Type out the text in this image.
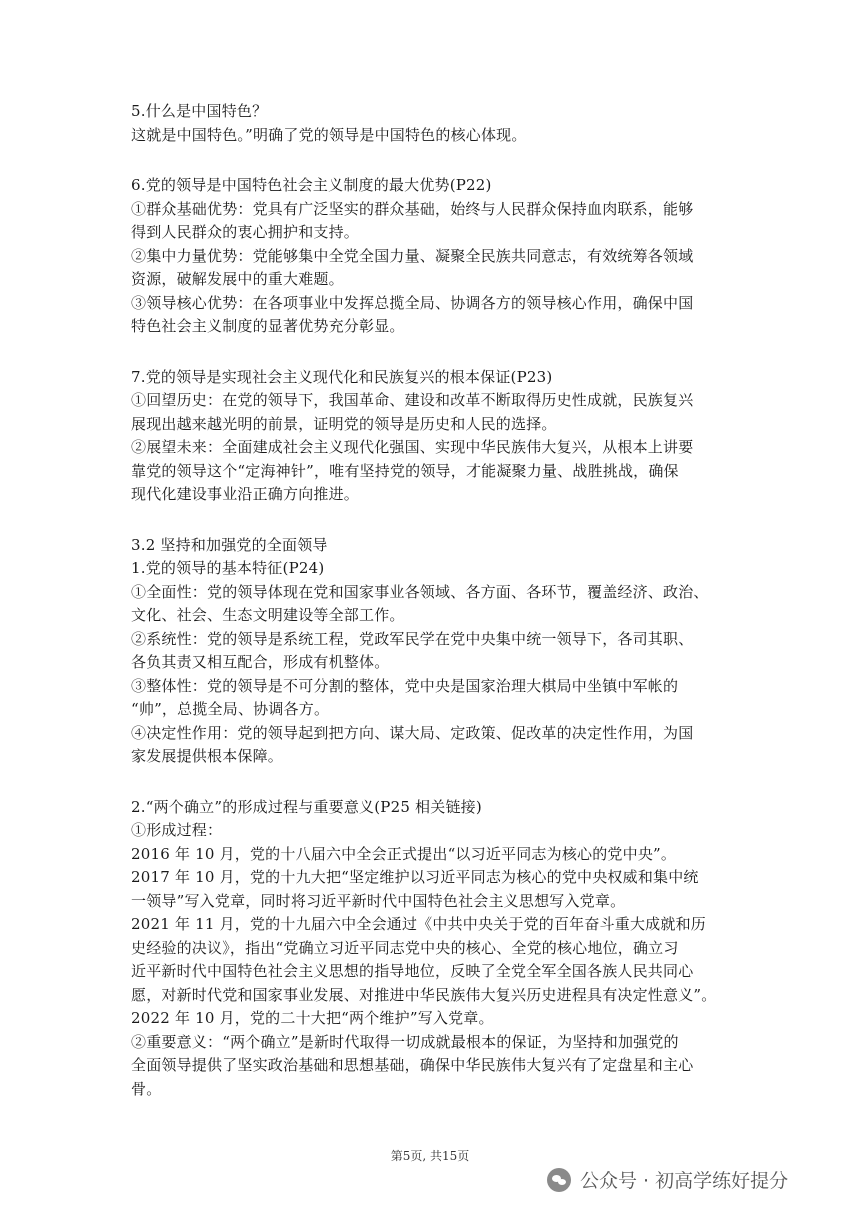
5.什么是中国特色？
这就是中国特色。”明确了党的领导是中国特色的核心体现。
6.党的领导是中国特色社会主义制度的最大优势(P22)
①群众基础优势：党具有广泛坚实的群众基础，始终与人民群众保持血肉联系，能够
得到人民群众的衷心拥护和支持。
②集中力量优势：党能够集中全党全国力量、凝聚全民族共同意志，有效统筹各领域
资源，破解发展中的重大难题。
③领导核心优势：在各项事业中发挥总揽全局、协调各方的领导核心作用，确保中国
特色社会主义制度的显著优势充分彰显。
7.党的领导是实现社会主义现代化和民族复兴的根本保证(P23)
①回望历史：在党的领导下，我国革命、建设和改革不断取得历史性成就，民族复兴
展现出越来越光明的前景，证明党的领导是历史和人民的选择。
②展望未来：全面建成社会主义现代化强国、实现中华民族伟大复兴，从根本上讲要
靠党的领导这个“定海神针”，唯有坚持党的领导，才能凝聚力量、战胜挑战，确保
现代化建设事业沿正确方向推进。
3.2 坚持和加强党的全面领导
1.党的领导的基本特征(P24)
①全面性：党的领导体现在党和国家事业各领域、各方面、各环节，覆盖经济、政治、
文化、社会、生态文明建设等全部工作。
②系统性：党的领导是系统工程，党政军民学在党中央集中统一领导下，各司其职、
各负其责又相互配合，形成有机整体。
③整体性：党的领导是不可分割的整体，党中央是国家治理大棋局中坐镇中军帐的
“帅”，总揽全局、协调各方。
④决定性作用：党的领导起到把方向、谋大局、定政策、促改革的决定性作用，为国
家发展提供根本保障。
2.“两个确立”的形成过程与重要意义(P25 相关链接)
①形成过程：
2016 年 10 月，党的十八届六中全会正式提出“以习近平同志为核心的党中央”。
2017 年 10 月，党的十九大把“坚定维护以习近平同志为核心的党中央权威和集中统
一领导”写入党章，同时将习近平新时代中国特色社会主义思想写入党章。
2021 年 11 月，党的十九届六中全会通过《中共中央关于党的百年奋斗重大成就和历
史经验的决议》，指出“党确立习近平同志党中央的核心、全党的核心地位，确立习
近平新时代中国特色社会主义思想的指导地位，反映了全党全军全国各族人民共同心
愿，对新时代党和国家事业发展、对推进中华民族伟大复兴历史进程具有决定性意义”。
2022 年 10 月，党的二十大把“两个维护”写入党章。
②重要意义：“两个确立”是新时代取得一切成就最根本的保证，为坚持和加强党的
全面领导提供了坚实政治基础和思想基础，确保中华民族伟大复兴有了定盘星和主心
骨。
第5页, 共15页
公众号 · 初高学练好提分
